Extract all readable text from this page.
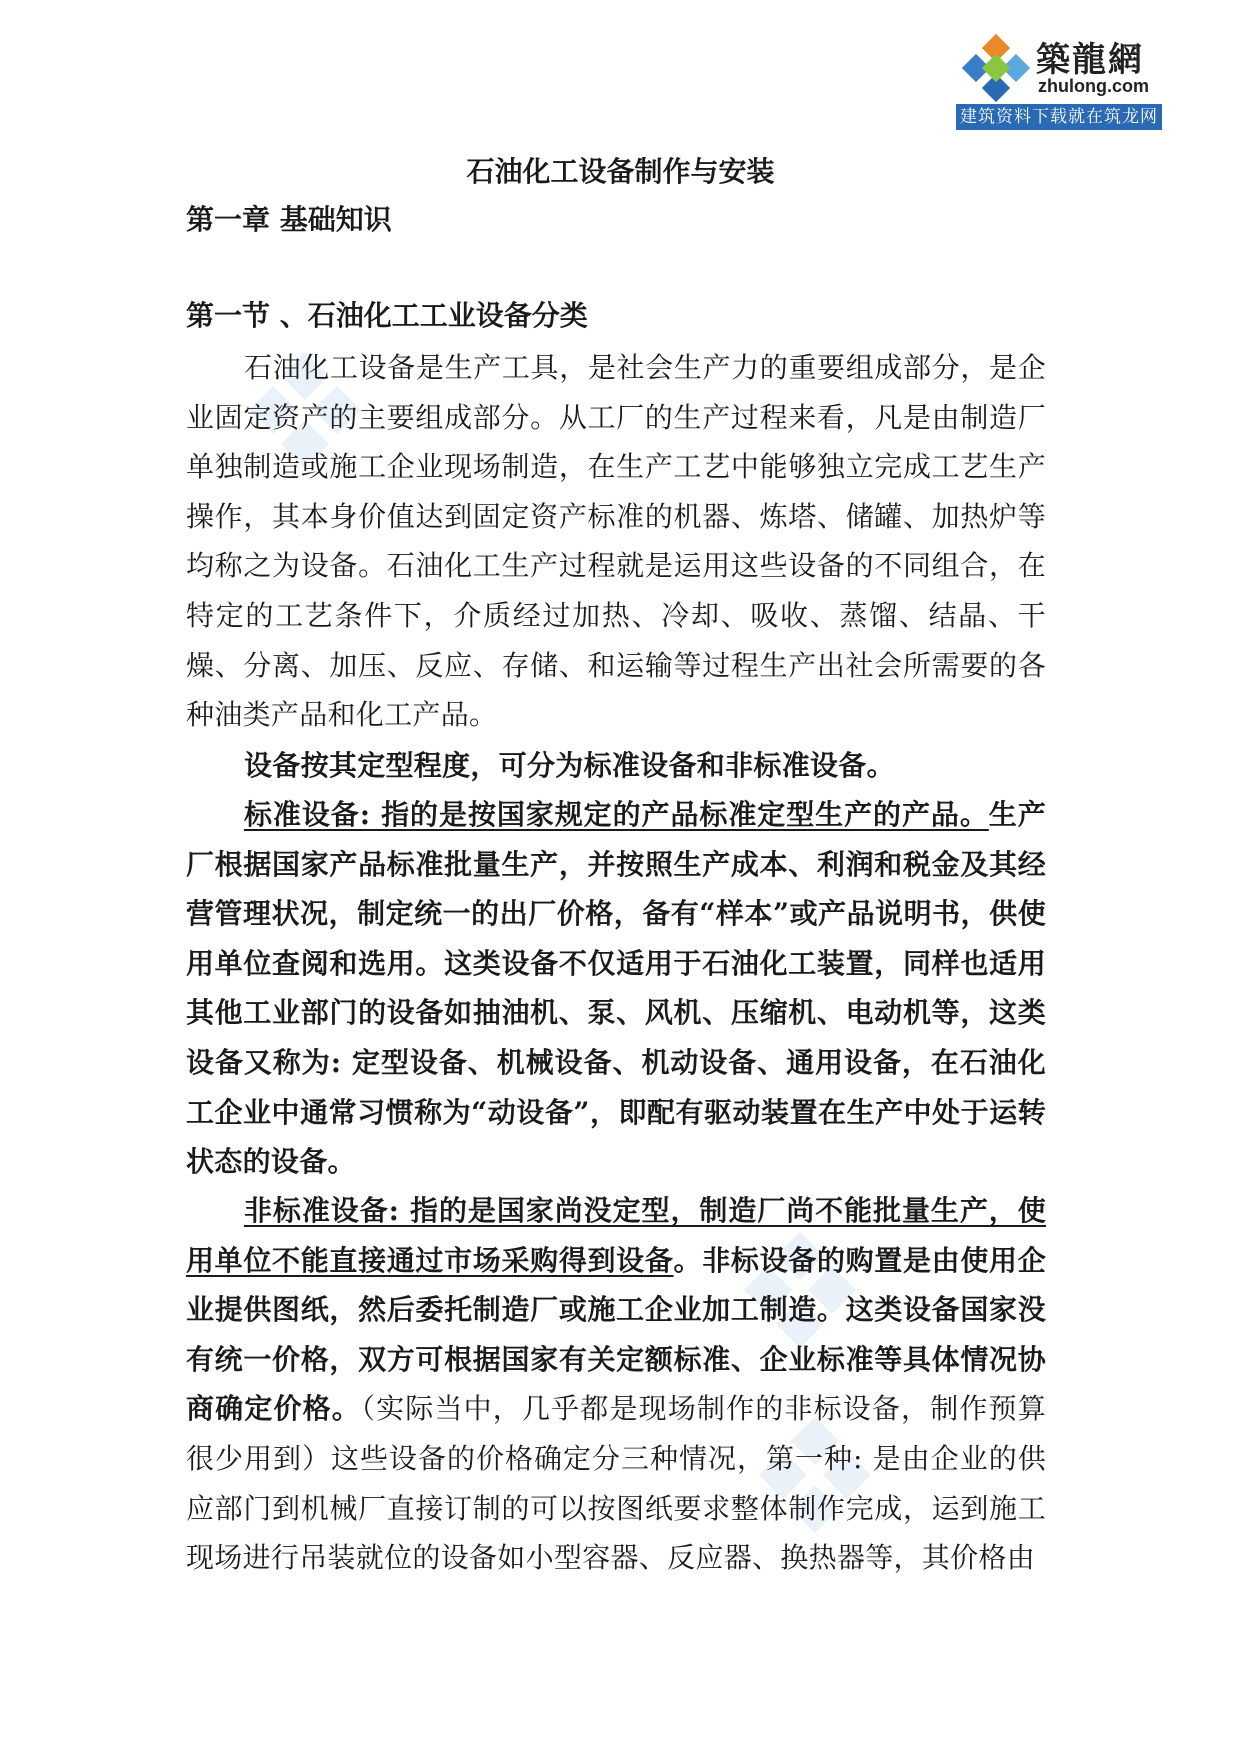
築龍網
zhulong.com
建筑资料下载就在筑龙网
石油化工设备制作与安装
第一章 基础知识
第一节 、石油化工工业设备分类
石油化工设备是生产工具，是社会生产力的重要组成部分，是企业固定资产的主要组成部分。从工厂的生产过程来看，凡是由制造厂单独制造或施工企业现场制造，在生产工艺中能够独立完成工艺生产操作，其本身价值达到固定资产标准的机器、炼塔、储罐、加热炉等均称之为设备。石油化工生产过程就是运用这些设备的不同组合，在特定的工艺条件下，介质经过加热、冷却、吸收、蒸馏、结晶、干燥、分离、加压、反应、存储、和运输等过程生产出社会所需要的各种油类产品和化工产品。
设备按其定型程度，可分为标准设备和非标准设备。
标准设备: 指的是按国家规定的产品标准定型生产的产品。生产厂根据国家产品标准批量生产，并按照生产成本、利润和税金及其经营管理状况，制定统一的出厂价格，备有“样本”或产品说明书，供使用单位查阅和选用。这类设备不仅适用于石油化工装置，同样也适用其他工业部门的设备如抽油机、泵、风机、压缩机、电动机等，这类设备又称为: 定型设备、机械设备、机动设备、通用设备，在石油化工企业中通常习惯称为“动设备”，即配有驱动装置在生产中处于运转状态的设备。
非标准设备: 指的是国家尚没定型，制造厂尚不能批量生产，使用单位不能直接通过市场采购得到设备。非标设备的购置是由使用企业提供图纸，然后委托制造厂或施工企业加工制造。这类设备国家没有统一价格，双方可根据国家有关定额标准、企业标准等具体情况协商确定价格。（实际当中，几乎都是现场制作的非标设备，制作预算很少用到）这些设备的价格确定分三种情况，第一种: 是由企业的供应部门到机械厂直接订制的可以按图纸要求整体制作完成，运到施工现场进行吊装就位的设备如小型容器、反应器、换热器等，其价格由
